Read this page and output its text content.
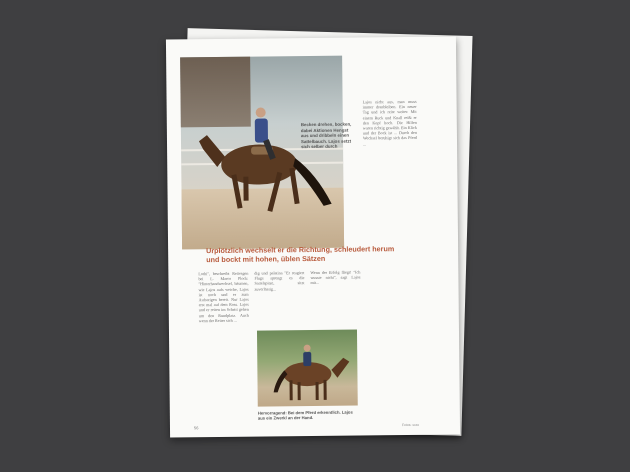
Becken drehen, bocken, dabei Aktionen Hengst aus und dribbeln einen Sattelbauch. Lajos setzt sich selber durch
Urplötzlich wechselt er die Richtung, schleudert herum und bockt mit hohen, üblen Sätzen
Lothi", beschreibt Reitesgen bei L. Marco Plock: "Hinterhandwechsel, bäumen, wie Lajos aufs weiche, Lajos ist noch und er zum Aufsteigen bereit. Nur Lajos erst mal auf dem Ross. Lajos und er reiten im Schritt gehen um den Rundplatz. Auch wenn der Reiter sich ...
dig und palatina "Er reagiert Flugs sprengt es die Sattelspitze, sitzt zuverlässig...
Wenn der Erfolg fliegt! "Ich wusste nicht", sagt Lajos mit...
Lajos nicht aus, man muss immer dranbleiben. Ein neuer Tag und ich reite weiter. Mit einem Ruck und Knall reißt er den Kopf hoch. Die Hilfen waren richtig gewählt. Ein Klick und der Bock ist ... Durch den Wechsel beruhigt sich das Pferd ...
Hervorragend: Bei dem Pferd erkenntlich. Lajos aus ein Zwerkl an der Hand.
56
Fotos: xxxx
